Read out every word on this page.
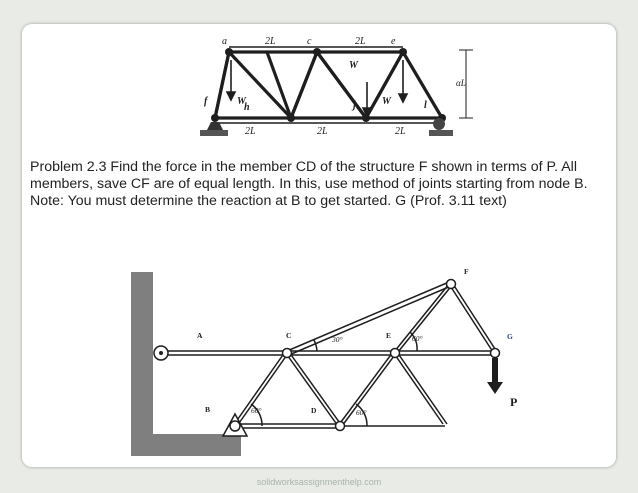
a	c	e
f
h	j	l
2L	2L
2L	2L	2L
αL
W
W
W
Problem 2.3 Find the force in the member CD of the structure F shown in terms of P. All members, save CF are of equal length. In this, use method of joints starting from node B. Note: You must determine the reaction at B to get started. G (Prof. 3.11 text)
A
B
C
D
E
F
G
30°	60°
60°	60°
P
solidworksassignmenthelp.com
